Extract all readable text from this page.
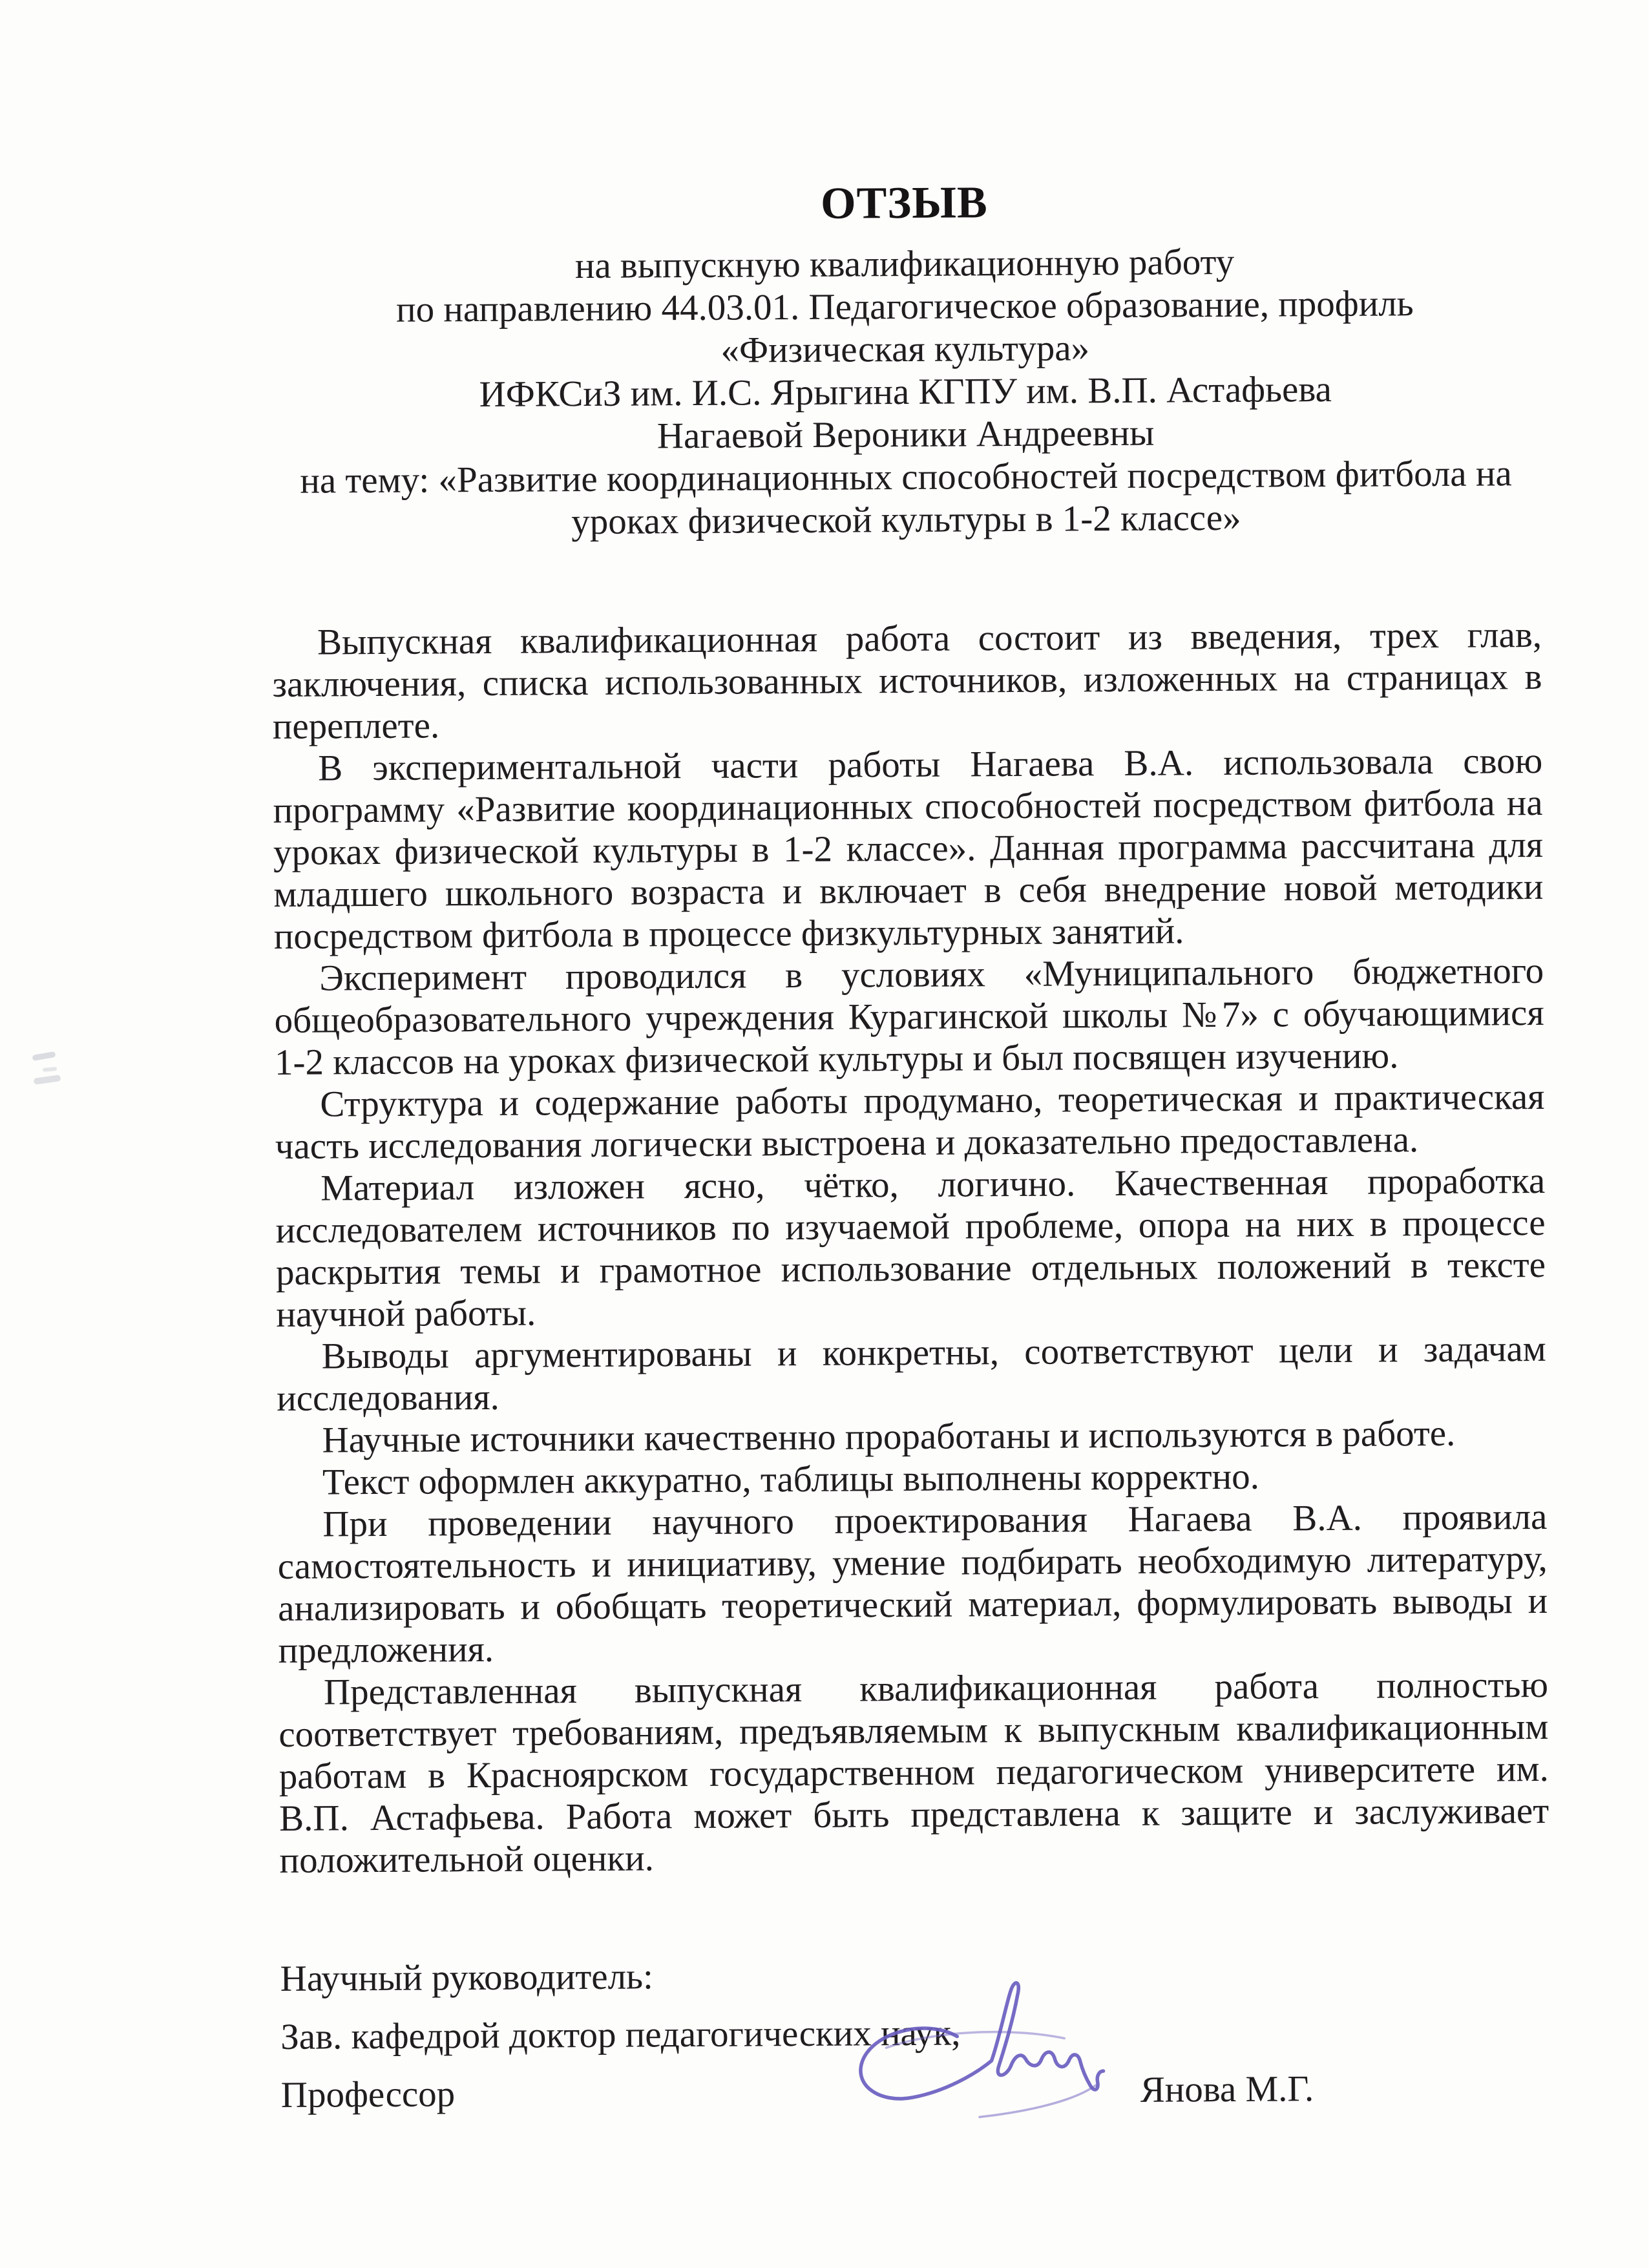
ОТЗЫВ
на выпускную квалификационную работу
по направлению 44.03.01. Педагогическое образование, профиль
«Физическая культура»
ИФКСиЗ им. И.С. Ярыгина КГПУ им. В.П. Астафьева
Нагаевой Вероники Андреевны
на тему: «Развитие координационных способностей посредством фитбола на
уроках физической культуры в 1-2 классе»

Выпускная квалификационная работа состоит из введения, трех глав, заключения, списка использованных источников, изложенных на страницах в переплете.

В экспериментальной части работы Нагаева В.А. использовала свою программу «Развитие координационных способностей посредством фитбола на уроках физической культуры в 1-2 классе». Данная программа рассчитана для младшего школьного возраста и включает в себя внедрение новой методики посредством фитбола в процессе физкультурных занятий.

Эксперимент проводился в условиях «Муниципального бюджетного общеобразовательного учреждения Курагинской школы №7» с обучающимися 1-2 классов на уроках физической культуры и был посвящен изучению.

Структура и содержание работы продумано, теоретическая и практическая часть исследования логически выстроена и доказательно предоставлена.

Материал изложен ясно, чётко, логично. Качественная проработка исследователем источников по изучаемой проблеме, опора на них в процессе раскрытия темы и грамотное использование отдельных положений в тексте научной работы.

Выводы аргументированы и конкретны, соответствуют цели и задачам исследования.

Научные источники качественно проработаны и используются в работе.

Текст оформлен аккуратно, таблицы выполнены корректно.

При проведении научного проектирования Нагаева В.А. проявила самостоятельность и инициативу, умение подбирать необходимую литературу, анализировать и обобщать теоретический материал, формулировать выводы и предложения.

Представленная выпускная квалификационная работа полностью соответствует требованиям, предъявляемым к выпускным квалификационным работам в Красноярском государственном педагогическом университете им. В.П. Астафьева. Работа может быть представлена к защите и заслуживает положительной оценки.

Научный руководитель:
Зав. кафедрой доктор педагогических наук,
Профессор	Янова М.Г.
